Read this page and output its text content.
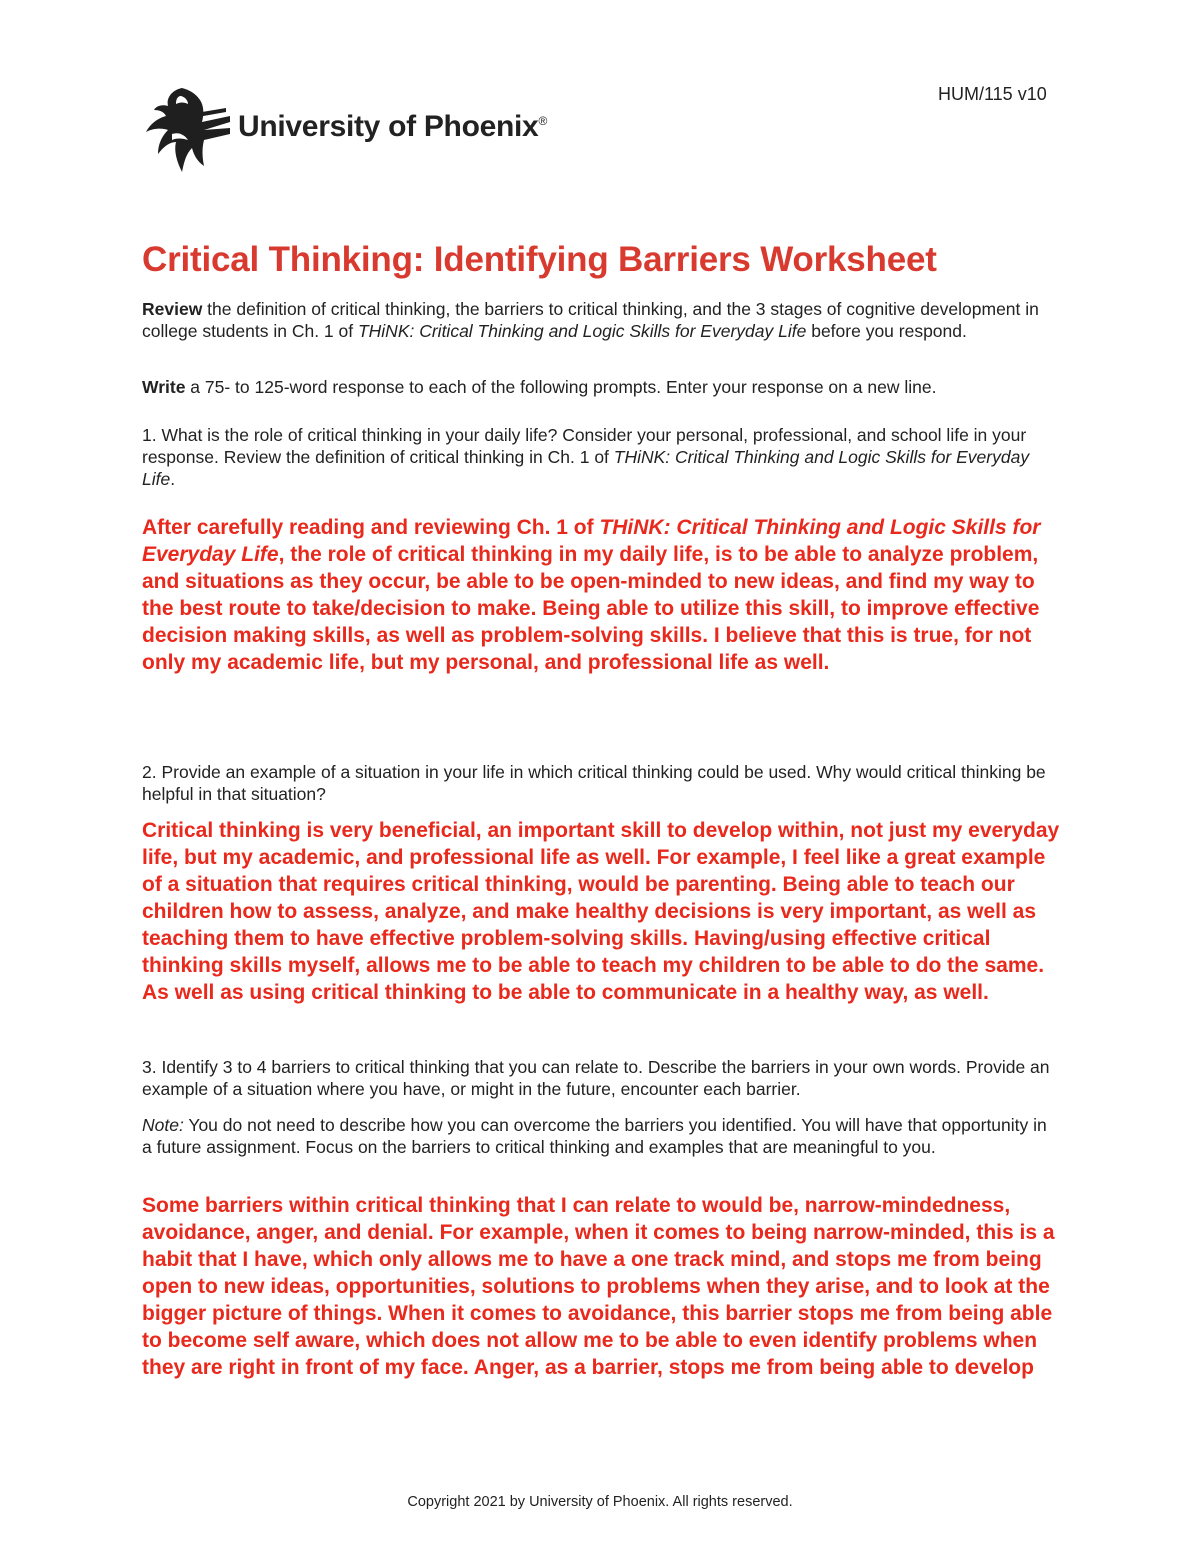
HUM/115 v10
University of Phoenix®
Critical Thinking: Identifying Barriers Worksheet

Review the definition of critical thinking, the barriers to critical thinking, and the 3 stages of cognitive development in college students in Ch. 1 of THiNK: Critical Thinking and Logic Skills for Everyday Life before you respond.

Write a 75- to 125-word response to each of the following prompts. Enter your response on a new line.

1. What is the role of critical thinking in your daily life? Consider your personal, professional, and school life in your response. Review the definition of critical thinking in Ch. 1 of THiNK: Critical Thinking and Logic Skills for Everyday Life.

After carefully reading and reviewing Ch. 1 of THiNK: Critical Thinking and Logic Skills for Everyday Life, the role of critical thinking in my daily life, is to be able to analyze problem, and situations as they occur, be able to be open-minded to new ideas, and find my way to the best route to take/decision to make. Being able to utilize this skill, to improve effective decision making skills, as well as problem-solving skills. I believe that this is true, for not only my academic life, but my personal, and professional life as well.

2. Provide an example of a situation in your life in which critical thinking could be used. Why would critical thinking be helpful in that situation?

Critical thinking is very beneficial, an important skill to develop within, not just my everyday life, but my academic, and professional life as well. For example, I feel like a great example of a situation that requires critical thinking, would be parenting. Being able to teach our children how to assess, analyze, and make healthy decisions is very important, as well as teaching them to have effective problem-solving skills. Having/using effective critical thinking skills myself, allows me to be able to teach my children to be able to do the same. As well as using critical thinking to be able to communicate in a healthy way, as well.

3. Identify 3 to 4 barriers to critical thinking that you can relate to. Describe the barriers in your own words. Provide an example of a situation where you have, or might in the future, encounter each barrier.

Note: You do not need to describe how you can overcome the barriers you identified. You will have that opportunity in a future assignment. Focus on the barriers to critical thinking and examples that are meaningful to you.

Some barriers within critical thinking that I can relate to would be, narrow-mindedness, avoidance, anger, and denial. For example, when it comes to being narrow-minded, this is a habit that I have, which only allows me to have a one track mind, and stops me from being open to new ideas, opportunities, solutions to problems when they arise, and to look at the bigger picture of things. When it comes to avoidance, this barrier stops me from being able to become self aware, which does not allow me to be able to even identify problems when they are right in front of my face. Anger, as a barrier, stops me from being able to develop

Copyright 2021 by University of Phoenix. All rights reserved.
